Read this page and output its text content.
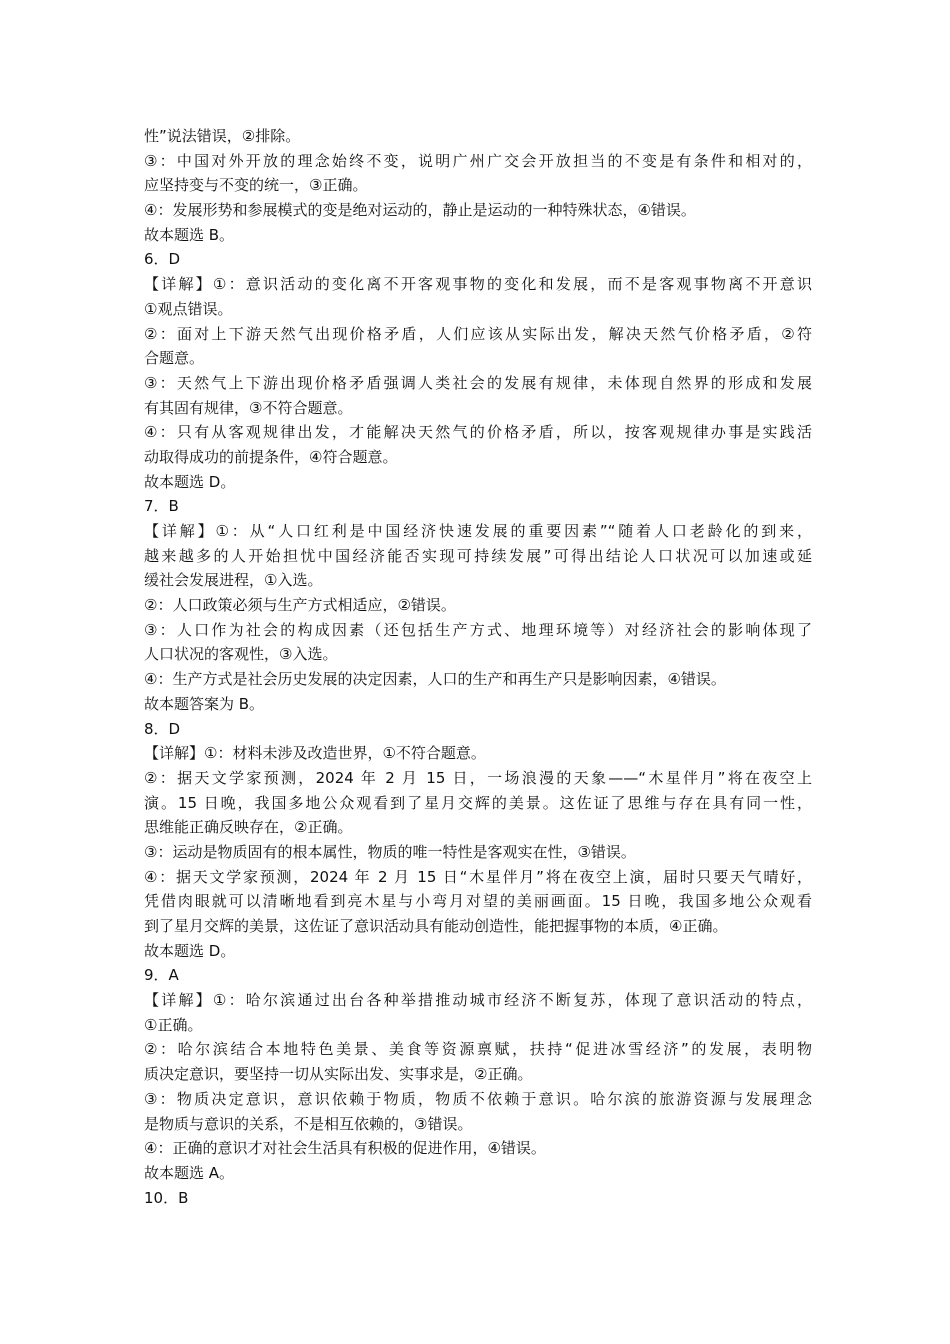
性”说法错误，②排除。
③：中国对外开放的理念始终不变，说明广州广交会开放担当的不变是有条件和相对的，
应坚持变与不变的统一，③正确。
④：发展形势和参展模式的变是绝对运动的，静止是运动的一种特殊状态，④错误。
故本题选 B。
6．D
【详解】①：意识活动的变化离不开客观事物的变化和发展，而不是客观事物离不开意识
①观点错误。
②：面对上下游天然气出现价格矛盾，人们应该从实际出发，解决天然气价格矛盾，②符
合题意。
③：天然气上下游出现价格矛盾强调人类社会的发展有规律，未体现自然界的形成和发展
有其固有规律，③不符合题意。
④：只有从客观规律出发，才能解决天然气的价格矛盾，所以，按客观规律办事是实践活
动取得成功的前提条件，④符合题意。
故本题选 D。
7．B
【详解】①：从“人口红利是中国经济快速发展的重要因素”“随着人口老龄化的到来，
越来越多的人开始担忧中国经济能否实现可持续发展”可得出结论人口状况可以加速或延
缓社会发展进程，①入选。
②：人口政策必须与生产方式相适应，②错误。
③：人口作为社会的构成因素（还包括生产方式、地理环境等）对经济社会的影响体现了
人口状况的客观性，③入选。
④：生产方式是社会历史发展的决定因素，人口的生产和再生产只是影响因素，④错误。
故本题答案为 B。
8．D
【详解】①：材料未涉及改造世界，①不符合题意。
②：据天文学家预测，2024 年 2 月 15 日，一场浪漫的天象——“木星伴月”将在夜空上
演。15 日晚，我国多地公众观看到了星月交辉的美景。这佐证了思维与存在具有同一性，
思维能正确反映存在，②正确。
③：运动是物质固有的根本属性，物质的唯一特性是客观实在性，③错误。
④：据天文学家预测，2024 年 2 月 15 日“木星伴月”将在夜空上演，届时只要天气晴好，
凭借肉眼就可以清晰地看到亮木星与小弯月对望的美丽画面。15 日晚，我国多地公众观看
到了星月交辉的美景，这佐证了意识活动具有能动创造性，能把握事物的本质，④正确。
故本题选 D。
9．A
【详解】①：哈尔滨通过出台各种举措推动城市经济不断复苏，体现了意识活动的特点，
①正确。
②：哈尔滨结合本地特色美景、美食等资源禀赋，扶持“促进冰雪经济”的发展，表明物
质决定意识，要坚持一切从实际出发、实事求是，②正确。
③：物质决定意识，意识依赖于物质，物质不依赖于意识。哈尔滨的旅游资源与发展理念
是物质与意识的关系，不是相互依赖的，③错误。
④：正确的意识才对社会生活具有积极的促进作用，④错误。
故本题选 A。
10．B
